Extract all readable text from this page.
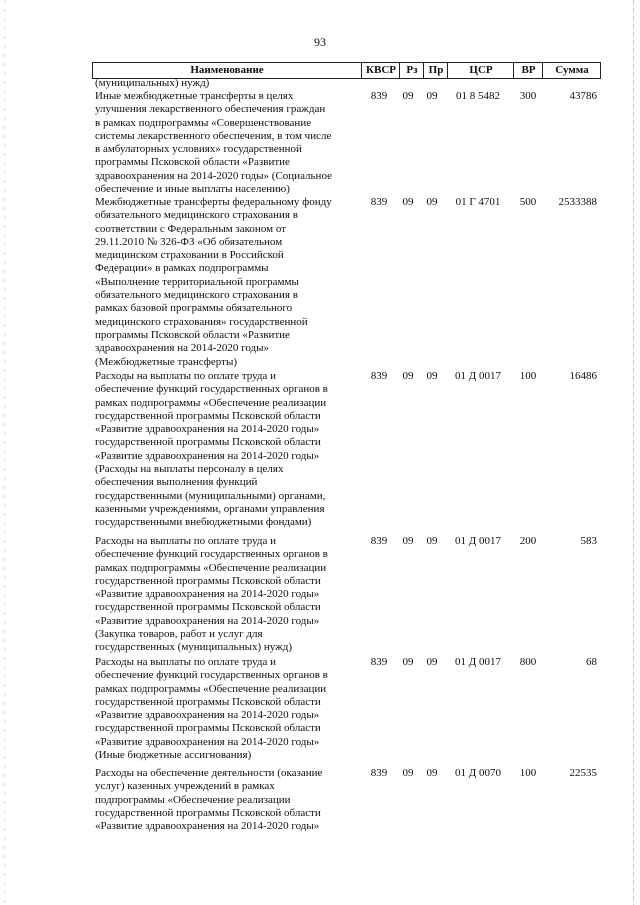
93
Наименование	КВСР Рз	Пр	ЦСР	ВР	Сумма
(муниципальных) нужд)
Иные межбюджетные трансферты в целях
улучшения лекарственного обеспечения граждан
в рамках подпрограммы «Совершенствование
системы лекарственного обеспечения, в том числе
в амбулаторных условиях» государственной
программы Псковской области «Развитие
здравоохранения на 2014-2020 годы» (Социальное
обеспечение и иные выплаты населению)
839	09	09	01 8 5482	300	43786
Межбюджетные трансферты федеральному фонду
обязательного медицинского страхования в
соответствии с Федеральным законом от
29.11.2010 № 326-ФЗ «Об обязательном
медицинском страховании в Российской
Федерации» в рамках подпрограммы
«Выполнение территориальной программы
обязательного медицинского страхования в
рамках базовой программы обязательного
медицинского страхования» государственной
программы Псковской области «Развитие
здравоохранения на 2014-2020 годы»
(Межбюджетные трансферты)
839	09	09	01 Г 4701	500	2533388
Расходы на выплаты по оплате труда и
обеспечение функций государственных органов в
рамках подпрограммы «Обеспечение реализации
государственной программы Псковской области
«Развитие здравоохранения на 2014-2020 годы»
государственной программы Псковской области
«Развитие здравоохранения на 2014-2020 годы»
(Расходы на выплаты персоналу в целях
обеспечения выполнения функций
государственными (муниципальными) органами,
казенными учреждениями, органами управления
государственными внебюджетными фондами)
839	09	09	01 Д 0017	100	16486
Расходы на выплаты по оплате труда и
обеспечение функций государственных органов в
рамках подпрограммы «Обеспечение реализации
государственной программы Псковской области
«Развитие здравоохранения на 2014-2020 годы»
государственной программы Псковской области
«Развитие здравоохранения на 2014-2020 годы»
(Закупка товаров, работ и услуг для
государственных (муниципальных) нужд)
839	09	09	01 Д 0017	200	583
Расходы на выплаты по оплате труда и
обеспечение функций государственных органов в
рамках подпрограммы «Обеспечение реализации
государственной программы Псковской области
«Развитие здравоохранения на 2014-2020 годы»
государственной программы Псковской области
«Развитие здравоохранения на 2014-2020 годы»
(Иные бюджетные ассигнования)
839	09	09	01 Д 0017	800	68
Расходы на обеспечение деятельности (оказание
услуг) казенных учреждений в рамках
подпрограммы «Обеспечение реализации
государственной программы Псковской области
«Развитие здравоохранения на 2014-2020 годы»
839	09	09	01 Д 0070	100	22535
